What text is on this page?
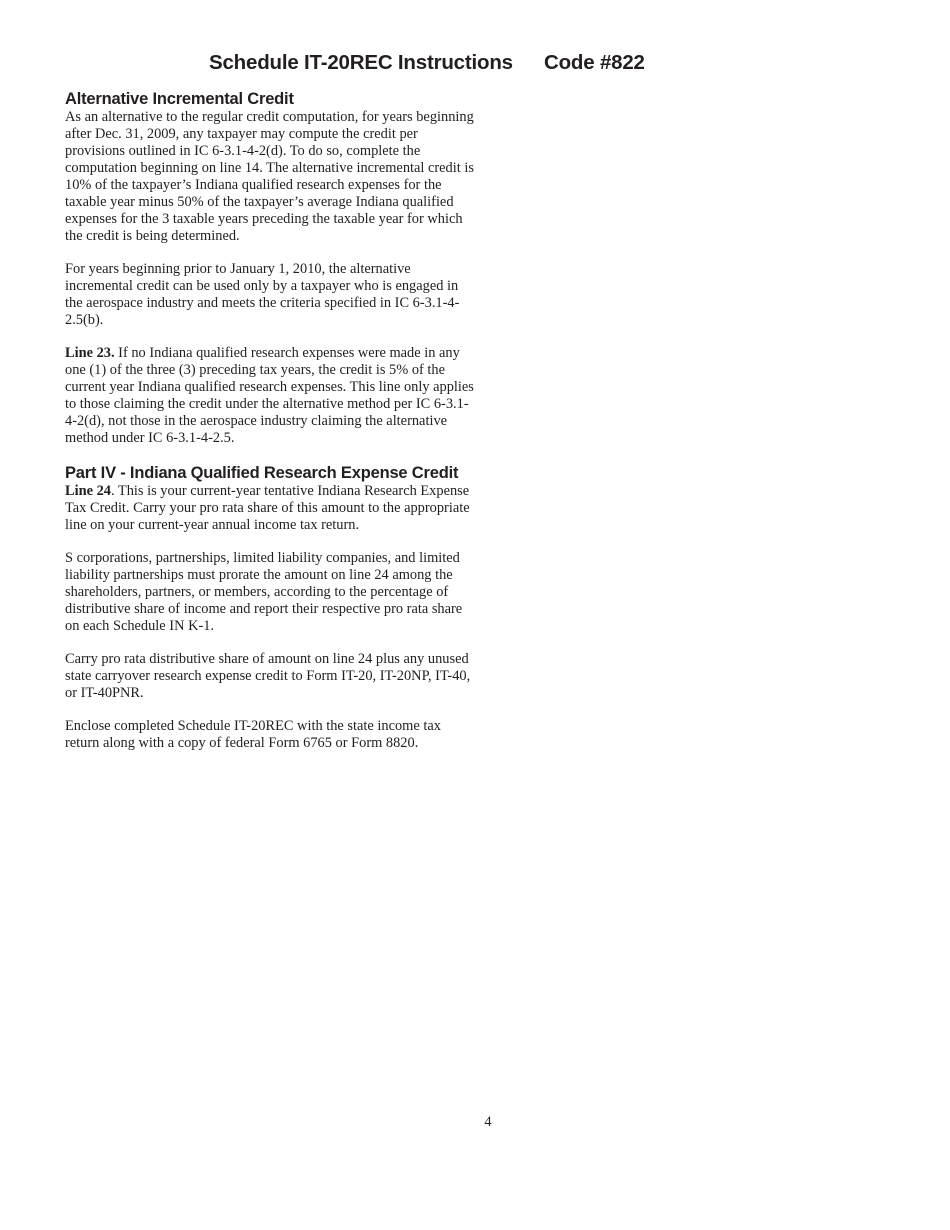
Schedule IT-20REC Instructions Code #822
Alternative Incremental Credit

As an alternative to the regular credit computation, for years beginning after Dec. 31, 2009, any taxpayer may compute the credit per provisions outlined in IC 6-3.1-4-2(d). To do so, complete the computation beginning on line 14. The alternative incremental credit is 10% of the taxpayer’s Indiana qualified research expenses for the taxable year minus 50% of the taxpayer’s average Indiana qualified expenses for the 3 taxable years preceding the taxable year for which the credit is being determined.

For years beginning prior to January 1, 2010, the alternative incremental credit can be used only by a taxpayer who is engaged in the aerospace industry and meets the criteria specified in IC 6-3.1-4-2.5(b).

Line 23. If no Indiana qualified research expenses were made in any one (1) of the three (3) preceding tax years, the credit is 5% of the current year Indiana qualified research expenses. This line only applies to those claiming the credit under the alternative method per IC 6-3.1-4-2(d), not those in the aerospace industry claiming the alternative method under IC 6-3.1-4-2.5.

Part IV - Indiana Qualified Research Expense Credit

Line 24. This is your current-year tentative Indiana Research Expense Tax Credit. Carry your pro rata share of this amount to the appropriate line on your current-year annual income tax return.

S corporations, partnerships, limited liability companies, and limited liability partnerships must prorate the amount on line 24 among the shareholders, partners, or members, according to the percentage of distributive share of income and report their respective pro rata share on each Schedule IN K-1.

Carry pro rata distributive share of amount on line 24 plus any unused state carryover research expense credit to Form IT-20, IT-20NP, IT-40, or IT-40PNR.

Enclose completed Schedule IT-20REC with the state income tax return along with a copy of federal Form 6765 or Form 8820.

4
